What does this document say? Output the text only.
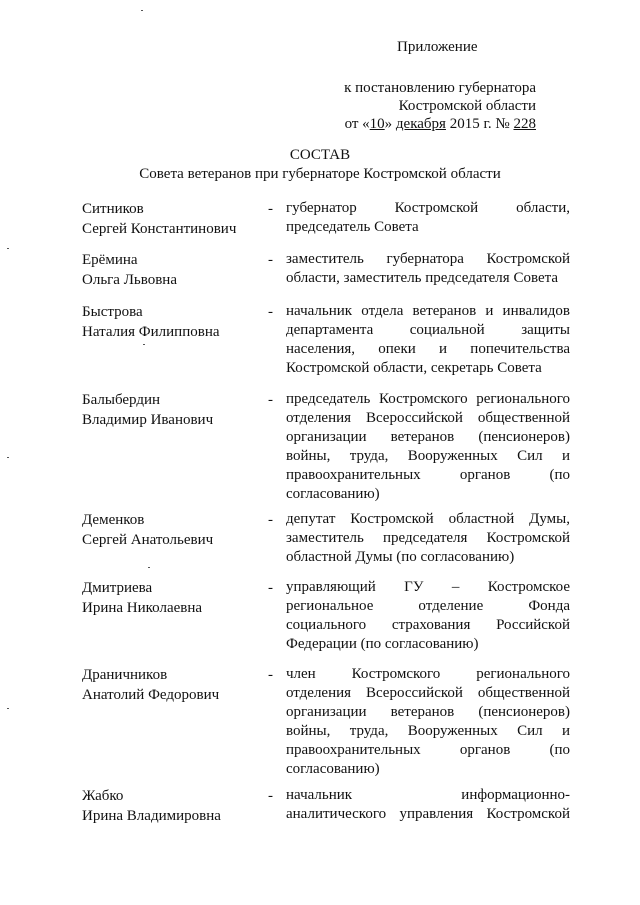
Приложение
к постановлению губернатора
Костромской области
от «10» декабря 2015 г. № 228
СОСТАВ
Совета ветеранов при губернаторе Костромской области
Ситников
Сергей Константинович
- губернатор Костромской области,
председатель Совета
Ерёмина
Ольга Львовна
- заместитель губернатора Костромской
области, заместитель председателя Совета
Быстрова
Наталия Филипповна
- начальник отдела ветеранов и инвалидов
департамента социальной защиты
населения, опеки и попечительства
Костромской области, секретарь Совета
Балыбердин
Владимир Иванович
- председатель Костромского регионального
отделения Всероссийской общественной
организации ветеранов (пенсионеров)
войны, труда, Вооруженных Сил и
правоохранительных органов (по
согласованию)
Деменков
Сергей Анатольевич
- депутат Костромской областной Думы,
заместитель председателя Костромской
областной Думы (по согласованию)
Дмитриева
Ирина Николаевна
- управляющий ГУ – Костромское
региональное отделение Фонда
социального страхования Российской
Федерации (по согласованию)
Драничников
Анатолий Федорович
- член Костромского регионального
отделения Всероссийской общественной
организации ветеранов (пенсионеров)
войны, труда, Вооруженных Сил и
правоохранительных органов (по
согласованию)
Жабко
Ирина Владимировна
- начальник информационно-
аналитического управления Костромской
